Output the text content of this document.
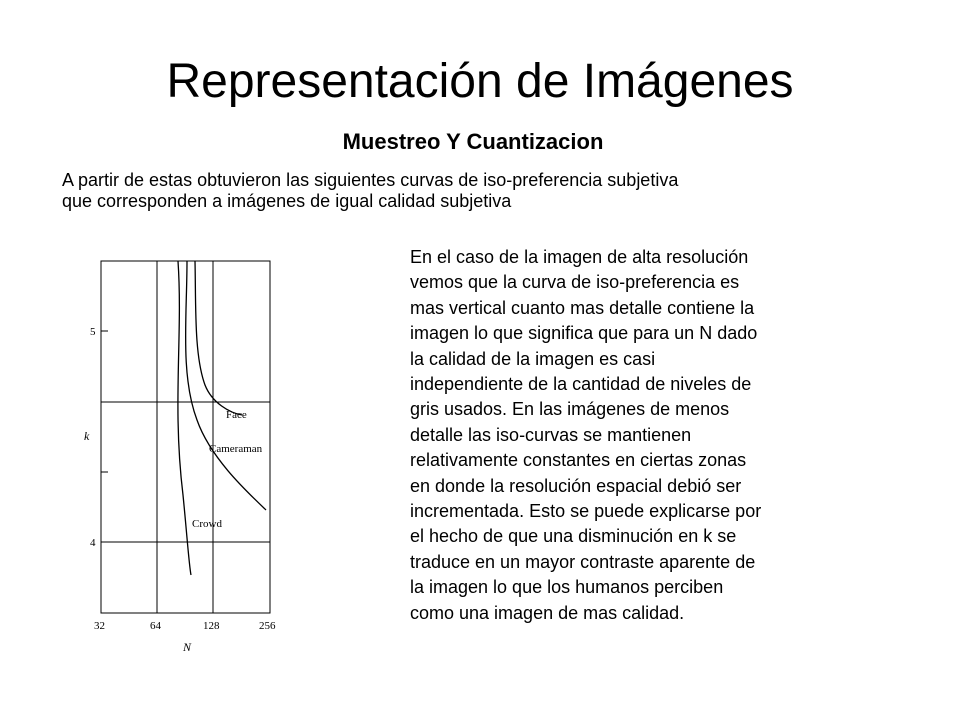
Representación de Imágenes
Muestreo Y Cuantizacion
A partir de estas obtuvieron las siguientes curvas de iso-preferencia subjetiva
que corresponden a imágenes de igual calidad subjetiva
5
4
32	64	128	256
N
k
Face
Cameraman
Crowd
En el caso de la imagen de alta resolución
vemos que la curva de iso-preferencia es
mas vertical cuanto mas detalle contiene la
imagen lo que significa que para un N dado
la calidad de la imagen es casi
independiente de la cantidad de niveles de
gris usados. En las imágenes de menos
detalle las iso-curvas se mantienen
relativamente constantes en ciertas zonas
en donde la resolución espacial debió ser
incrementada. Esto se puede explicarse por
el hecho de que una disminución en k se
traduce en un mayor contraste aparente de
la imagen lo que los humanos perciben
como una imagen de mas calidad.
